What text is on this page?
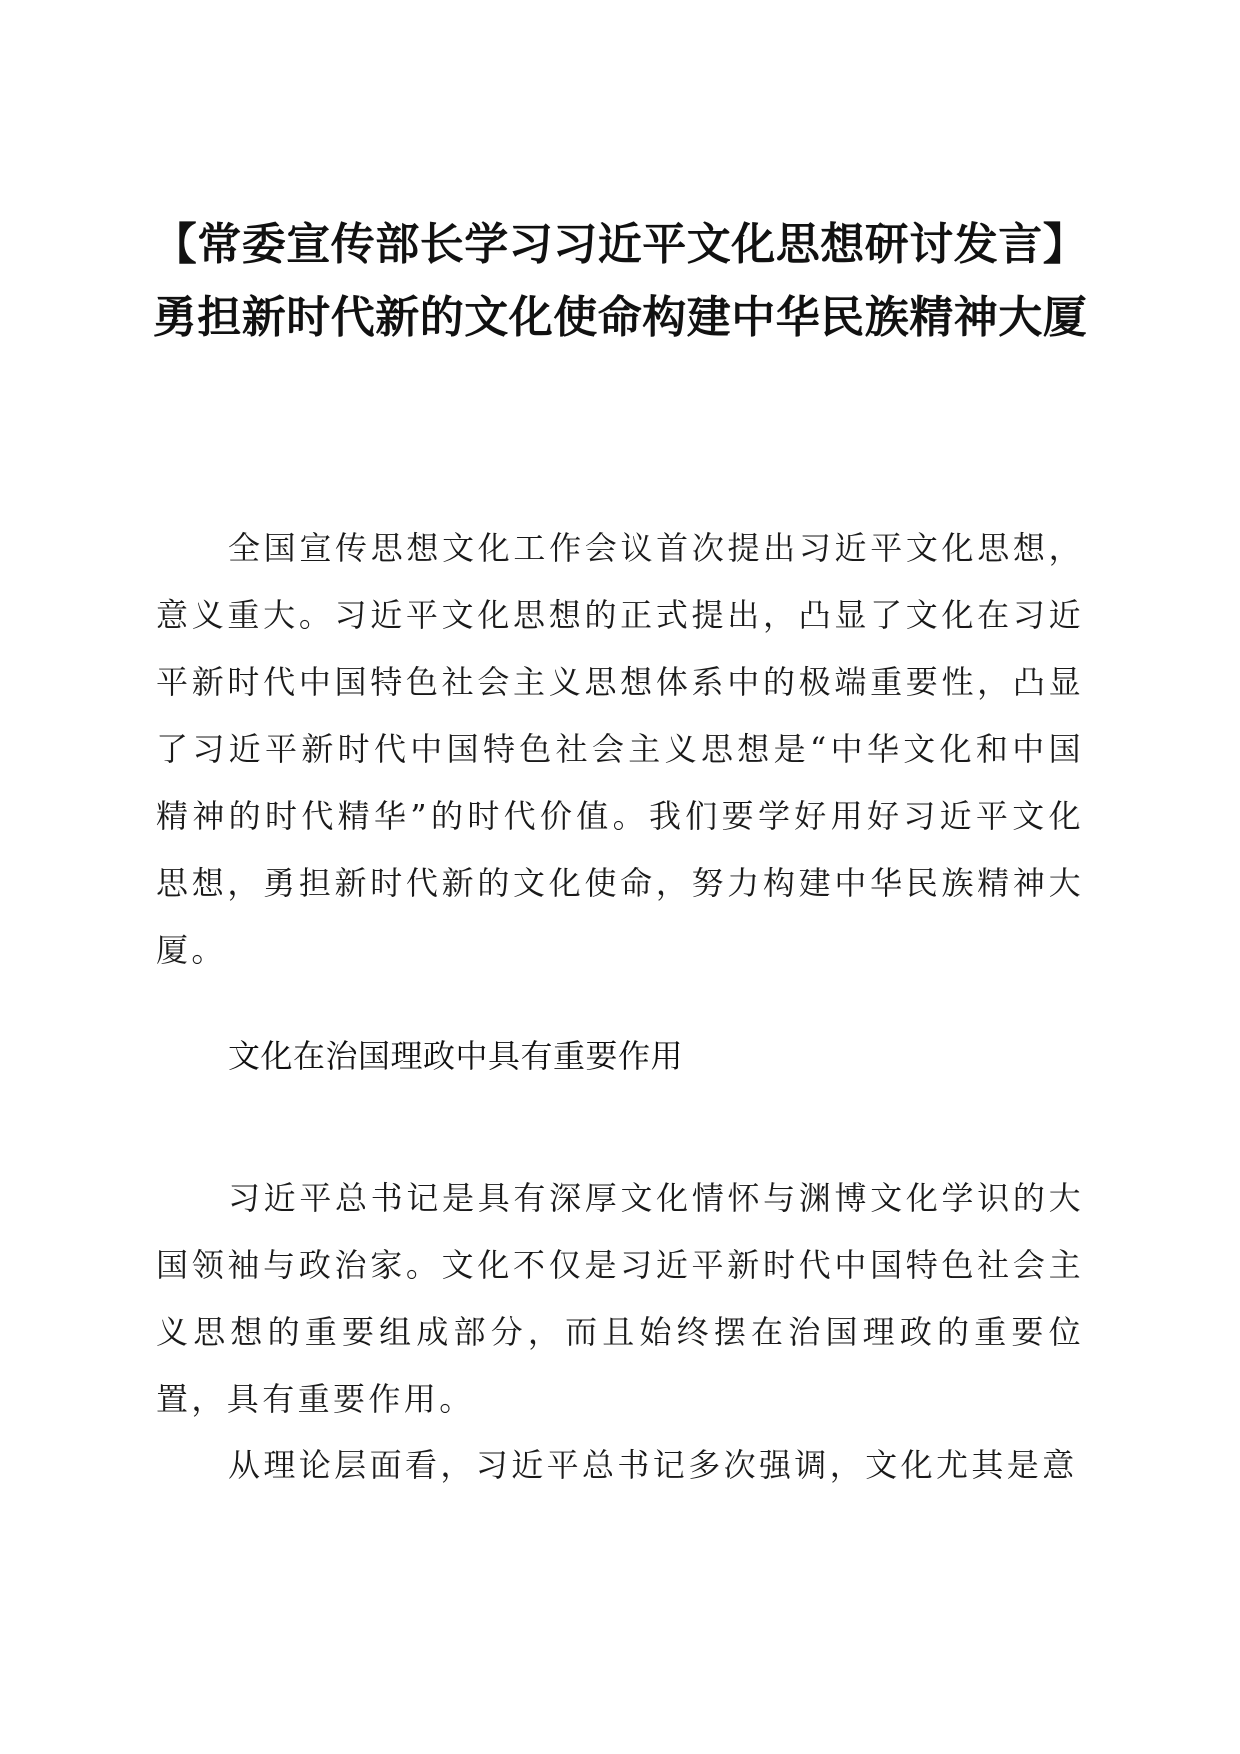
【常委宣传部长学习习近平文化思想研讨发言】勇担新时代新的文化使命构建中华民族精神大厦

全国宣传思想文化工作会议首次提出习近平文化思想，意义重大。习近平文化思想的正式提出，凸显了文化在习近平新时代中国特色社会主义思想体系中的极端重要性，凸显了习近平新时代中国特色社会主义思想是“中华文化和中国精神的时代精华”的时代价值。我们要学好用好习近平文化思想，勇担新时代新的文化使命，努力构建中华民族精神大厦。

文化在治国理政中具有重要作用

习近平总书记是具有深厚文化情怀与渊博文化学识的大国领袖与政治家。文化不仅是习近平新时代中国特色社会主义思想的重要组成部分，而且始终摆在治国理政的重要位置，具有重要作用。

从理论层面看，习近平总书记多次强调，文化尤其是意
